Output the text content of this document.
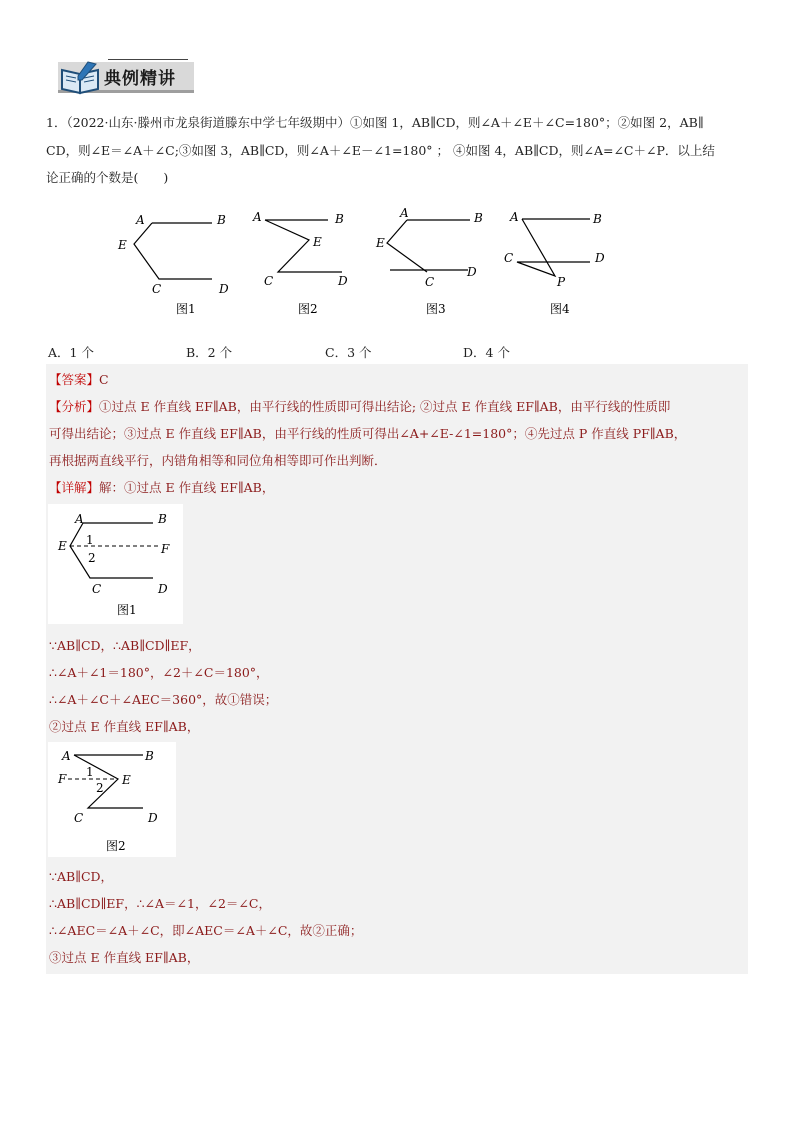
典例精讲
1．（2022·山东·滕州市龙泉街道滕东中学七年级期中）①如图 1，AB∥CD，则∠A＋∠E＋∠C=180°；②如图 2，AB∥
CD，则∠E＝∠A＋∠C;③如图 3，AB∥CD，则∠A＋∠E－∠1=180° ； ④如图 4，AB∥CD，则∠A=∠C＋∠P．以上结
论正确的个数是(　　)
A	B
E
C	D
图1
A	B
E
C	D
图2
A	B
E
C
D
图3
A	B
C	D
P
图4
A．1 个	B．2 个	C．3 个	D．4 个
【答案】C
【分析】①过点 E 作直线 EF∥AB，由平行线的性质即可得出结论; ②过点 E 作直线 EF∥AB，由平行线的性质即
可得出结论；③过点 E 作直线 EF∥AB，由平行线的性质可得出∠A+∠E-∠1=180°；④先过点 P 作直线 PF∥AB，
再根据两直线平行，内错角相等和同位角相等即可作出判断．
【详解】解：①过点 E 作直线 EF∥AB，
A	B
E	F
C	D
1
2
图1
∵AB∥CD，∴AB∥CD∥EF，
∴∠A＋∠1＝180°，∠2＋∠C＝180°，
∴∠A＋∠C＋∠AEC＝360°，故①错误；
②过点 E 作直线 EF∥AB，
A	B
F	E
C	D
1
2
图2
∵AB∥CD，
∴AB∥CD∥EF，∴∠A＝∠1，∠2＝∠C，
∴∠AEC＝∠A＋∠C，即∠AEC＝∠A＋∠C，故②正确；
③过点 E 作直线 EF∥AB，
